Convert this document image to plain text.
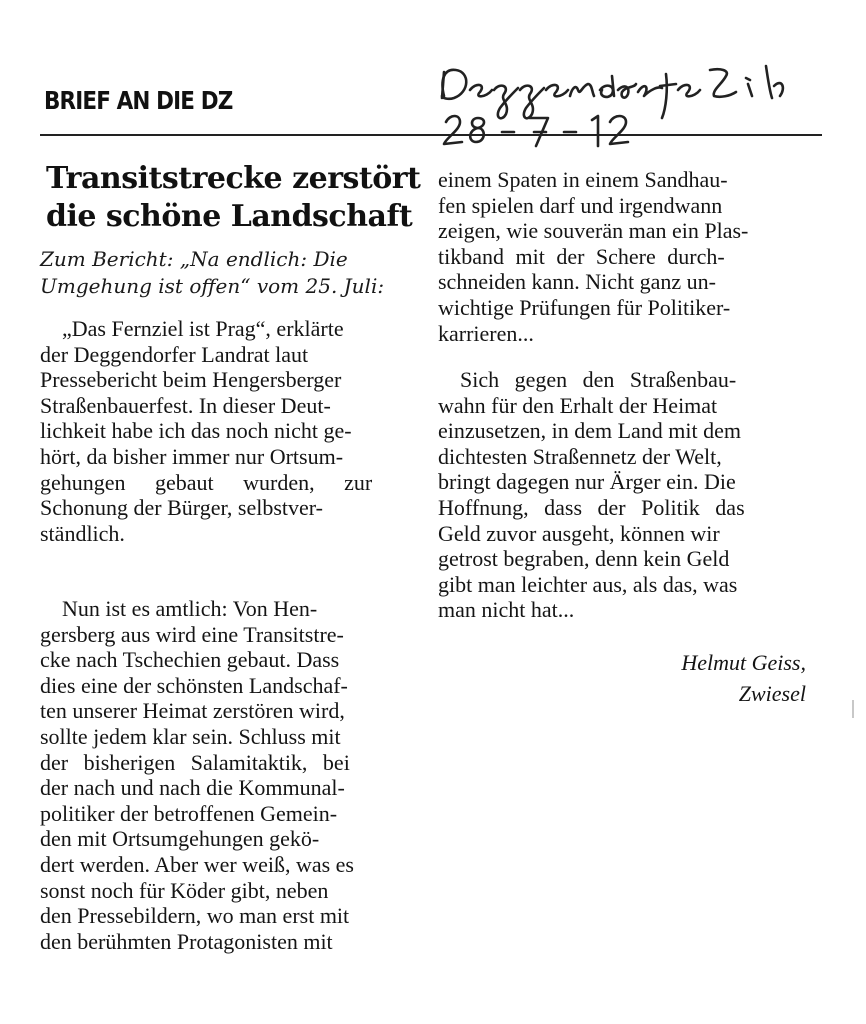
BRIEF AN DIE DZ
Transitstrecke zerstört
die schöne Landschaft

Zum Bericht: „Na endlich: Die
Umgehung ist offen“ vom 25. Juli:

„Das Fernziel ist Prag“, erklärte
der Deggendorfer Landrat laut
Pressebericht beim Hengersberger
Straßenbauerfest. In dieser Deut-
lichkeit habe ich das noch nicht ge-
hört, da bisher immer nur Ortsum-
gehungen gebaut wurden, zur
Schonung der Bürger, selbstver-
ständlich.
Nun ist es amtlich: Von Hen-
gersberg aus wird eine Transitstre-
cke nach Tschechien gebaut. Dass
dies eine der schönsten Landschaf-
ten unserer Heimat zerstören wird,
sollte jedem klar sein. Schluss mit
der bisherigen Salamitaktik, bei
der nach und nach die Kommunal-
politiker der betroffenen Gemein-
den mit Ortsumgehungen gekö-
dert werden. Aber wer weiß, was es
sonst noch für Köder gibt, neben
den Pressebildern, wo man erst mit
den berühmten Protagonisten mit
einem Spaten in einem Sandhau-
fen spielen darf und irgendwann
zeigen, wie souverän man ein Plas-
tikband mit der Schere durch-
schneiden kann. Nicht ganz un-
wichtige Prüfungen für Politiker-
karrieren...
Sich gegen den Straßenbau-
wahn für den Erhalt der Heimat
einzusetzen, in dem Land mit dem
dichtesten Straßennetz der Welt,
bringt dagegen nur Ärger ein. Die
Hoffnung, dass der Politik das
Geld zuvor ausgeht, können wir
getrost begraben, denn kein Geld
gibt man leichter aus, als das, was
man nicht hat...
Helmut Geiss,
Zwiesel
